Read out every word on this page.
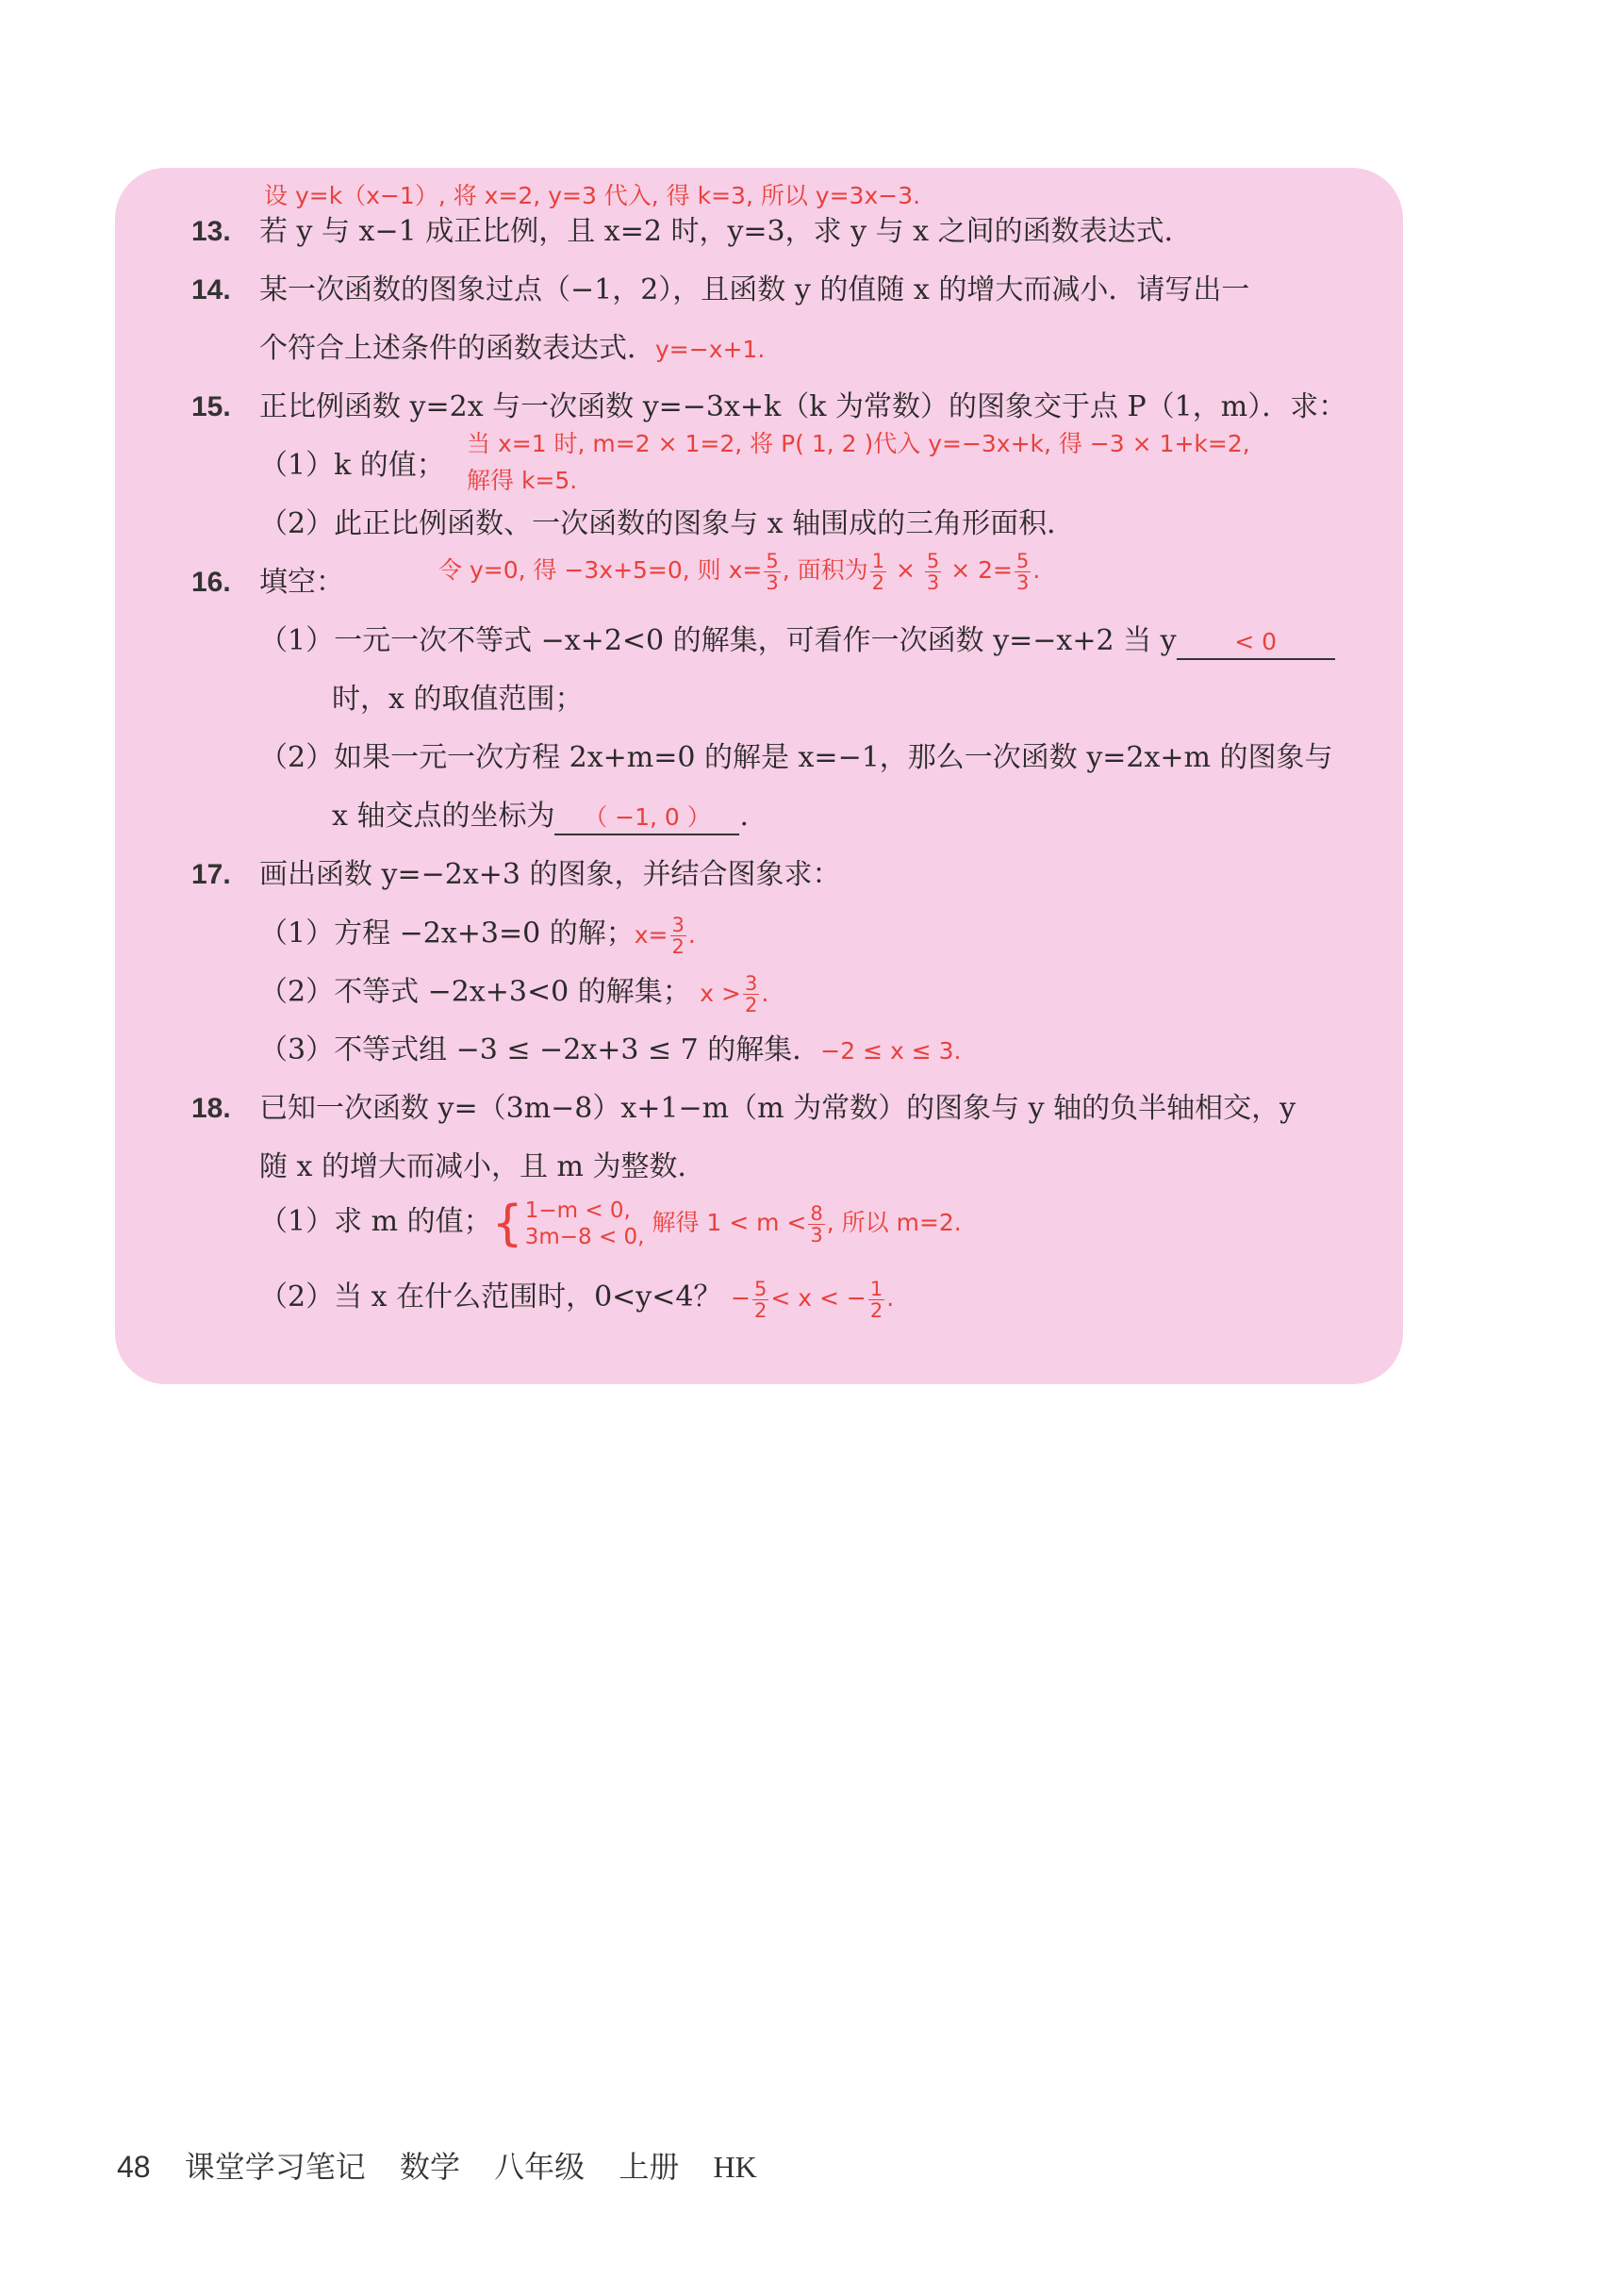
设 y=k（x−1）, 将 x=2, y=3 代入, 得 k=3, 所以 y=3x−3.
13. 若 y 与 x−1 成正比例，且 x=2 时，y=3，求 y 与 x 之间的函数表达式．
14. 某一次函数的图象过点（−1，2），且函数 y 的值随 x 的增大而减小．请写出一
个符合上述条件的函数表达式．y=−x+1.
15. 正比例函数 y=2x 与一次函数 y=−3x+k（k 为常数）的图象交于点 P（1，m）．求：
（1）k 的值；
当 x=1 时, m=2 × 1=2, 将 P( 1, 2 )代入 y=−3x+k, 得 −3 × 1+k=2,
解得 k=5.
（2）此正比例函数、一次函数的图象与 x 轴围成的三角形面积．
16. 填空：	令 y=0, 得 −3x+5=0, 则 $x= \frac{5}{3}$ , 面积为 $\frac{1}{2} \times \frac{5}{3} \times 2= \frac{5}{3}$ .
（1）一元一次不等式 −x+2<0 的解集，可看作一次函数 y=−x+2 当 y < 0
时，x 的取值范围；
（2）如果一元一次方程 2x+m=0 的解是 x=−1，那么一次函数 y=2x+m 的图象与
x 轴交点的坐标为 （ −1, 0 ） .
17. 画出函数 y=−2x+3 的图象，并结合图象求：
（1）方程 −2x+3=0 的解；$x= \frac{3}{2}$ .
（2）不等式 −2x+3<0 的解集； $x > \frac{3}{2}$ .
（3）不等式组 −3 ≤ −2x+3 ≤ 7 的解集．−2 ≤ x ≤ 3.
18. 已知一次函数 y=（3m−8）x+1−m（m 为常数）的图象与 y 轴的负半轴相交，y
随 x 的增大而减小，且 m 为整数．
（1）求 m 的值；{ 1−m < 0,
3m−8 < 0,
解得 $1 < m < \frac{8}{3}$ , 所以 m=2.
（2）当 x 在什么范围时，0<y<4？ − $\frac{5}{2} < x$ < − $\frac{1}{2}$ .
48 课堂学习笔记 数学 八年级 上册 HK
